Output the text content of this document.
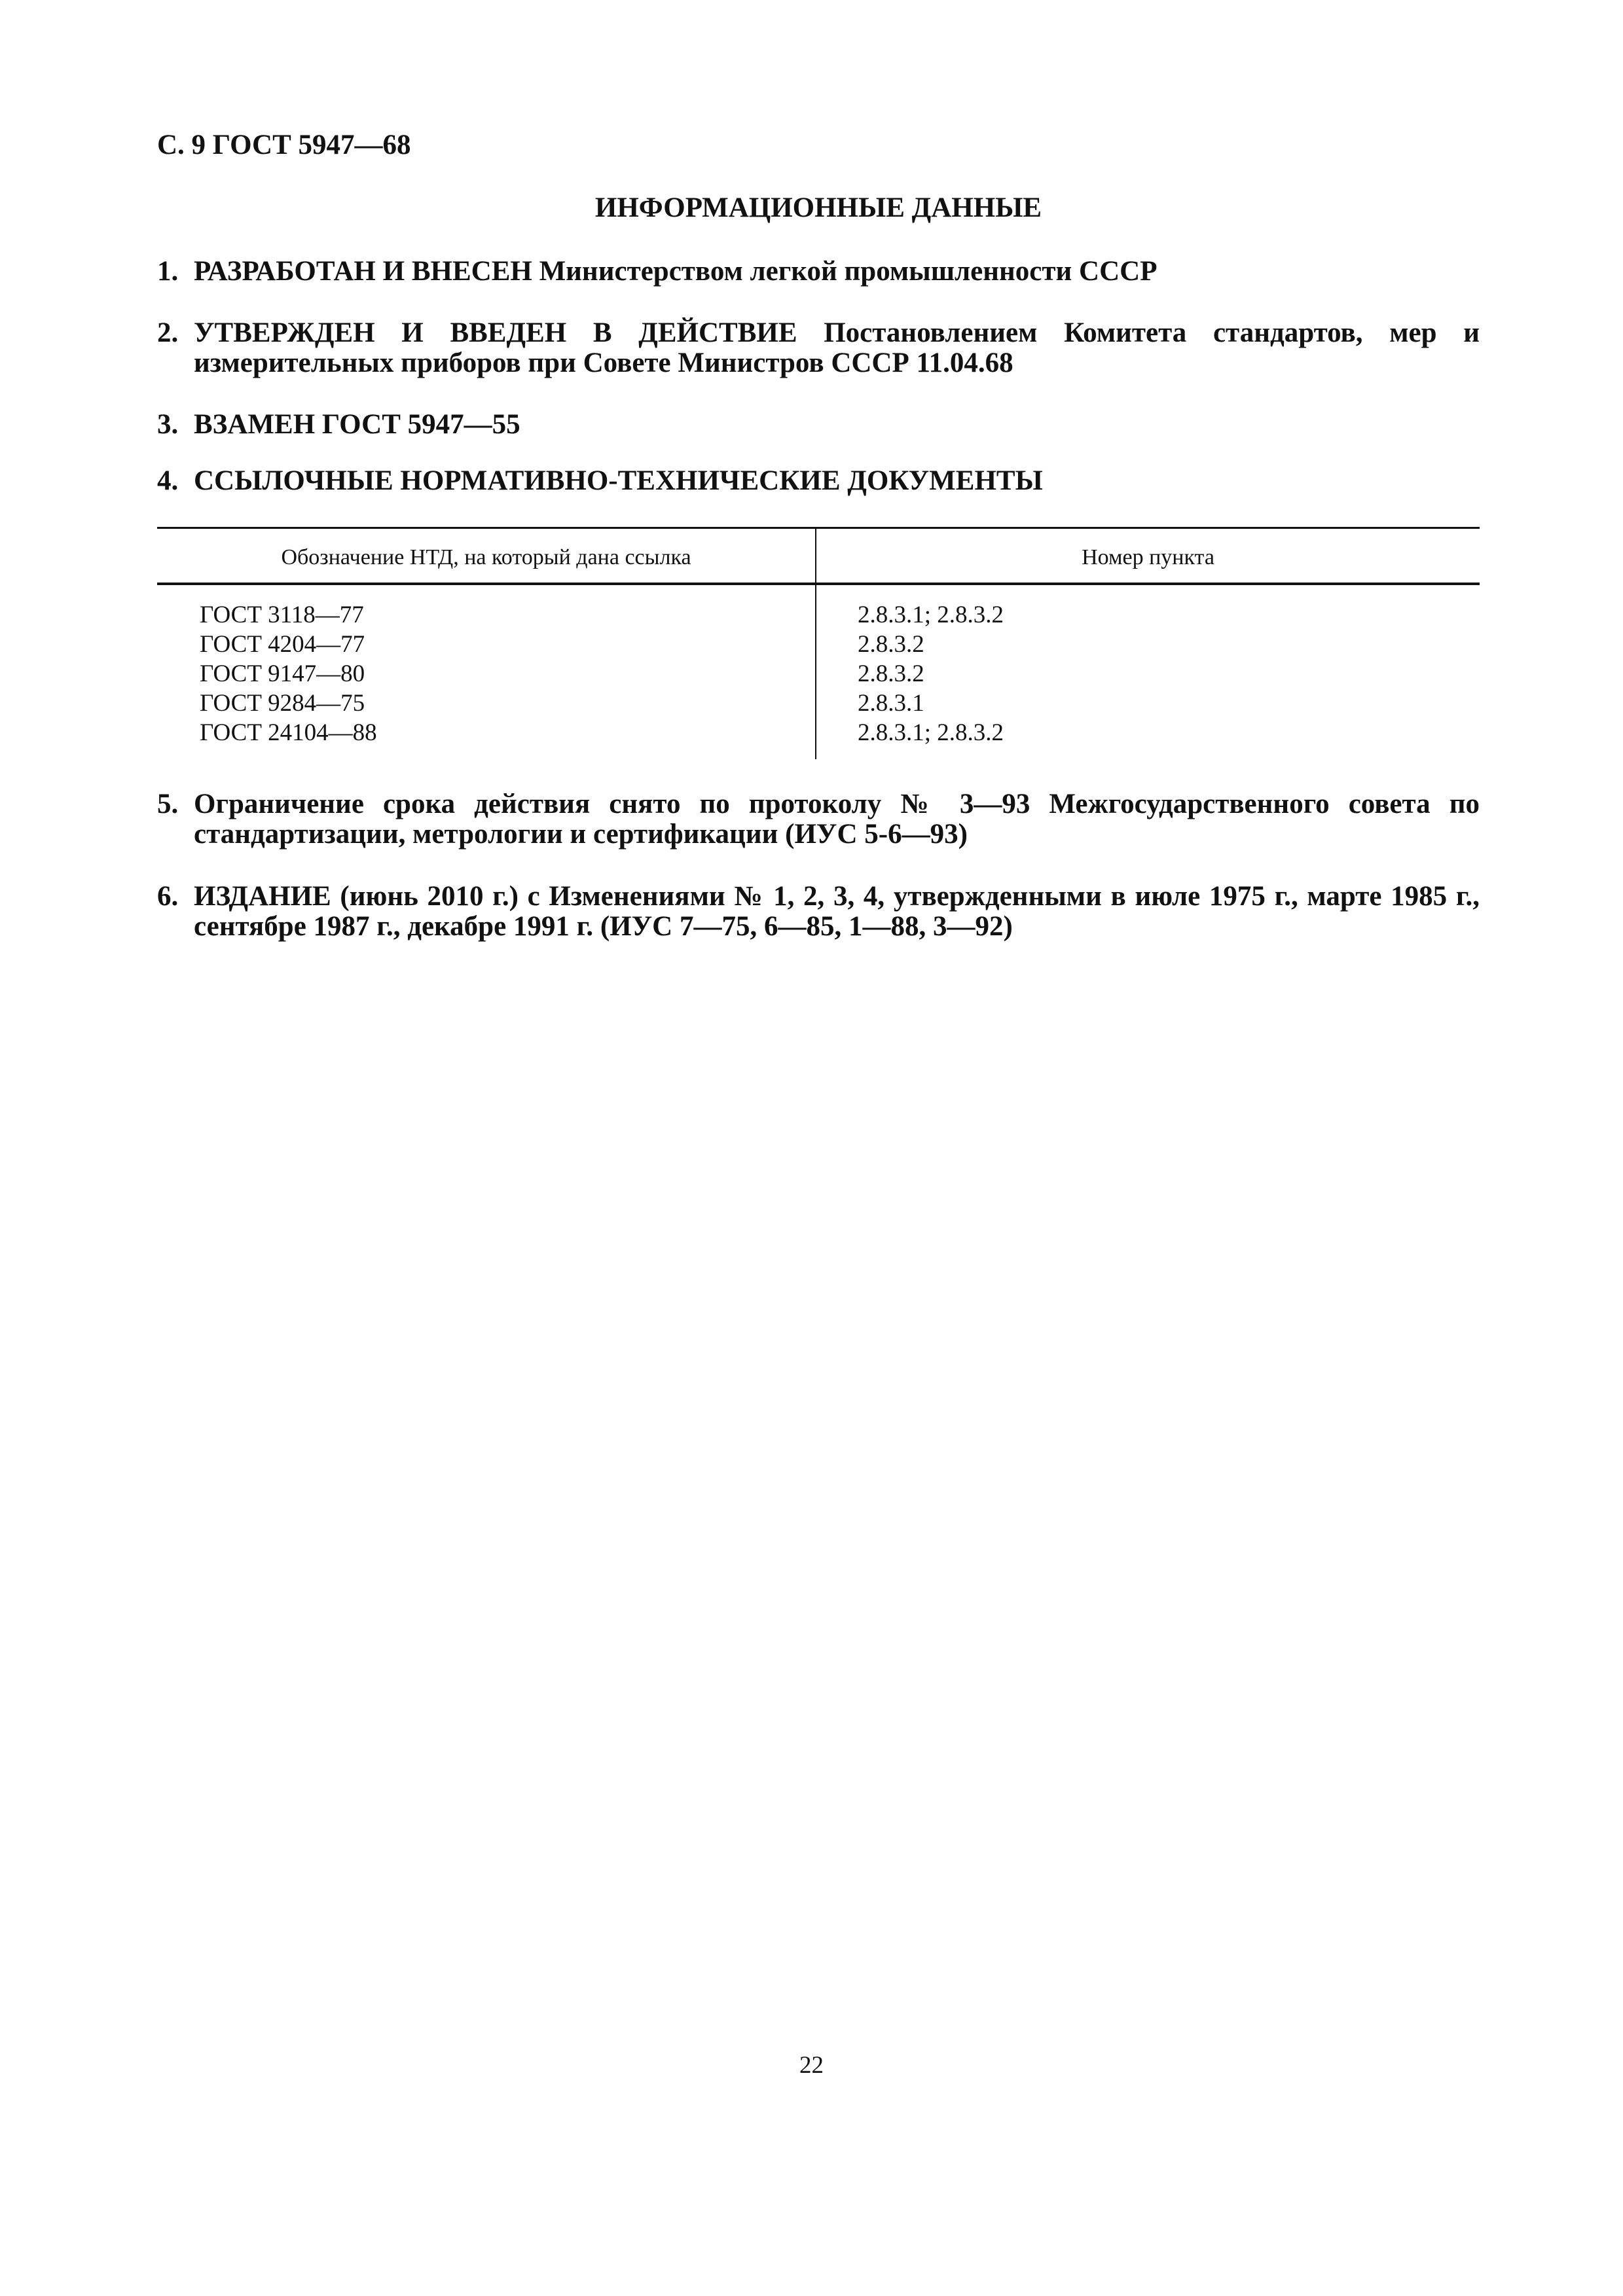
С. 9 ГОСТ 5947—68
ИНФОРМАЦИОННЫЕ ДАННЫЕ
1. РАЗРАБОТАН И ВНЕСЕН Министерством легкой промышленности СССР
2. УТВЕРЖДЕН И ВВЕДЕН В ДЕЙСТВИЕ Постановлением Комитета стандартов, мер и измерительных приборов при Совете Министров СССР 11.04.68
3. ВЗАМЕН ГОСТ 5947—55
4. ССЫЛОЧНЫЕ НОРМАТИВНО-ТЕХНИЧЕСКИЕ ДОКУМЕНТЫ
Обозначение НТД, на который дана ссылка	Номер пункта
ГОСТ 3118—77
ГОСТ 4204—77
ГОСТ 9147—80
ГОСТ 9284—75
ГОСТ 24104—88
2.8.3.1; 2.8.3.2
2.8.3.2
2.8.3.2
2.8.3.1
2.8.3.1; 2.8.3.2
5. Ограничение срока действия снято по протоколу № 3—93 Межгосударственного совета по стандартизации, метрологии и сертификации (ИУС 5-6—93)
6. ИЗДАНИЕ (июнь 2010 г.) с Изменениями № 1, 2, 3, 4, утвержденными в июле 1975 г., марте 1985 г., сентябре 1987 г., декабре 1991 г. (ИУС 7—75, 6—85, 1—88, 3—92)
22
